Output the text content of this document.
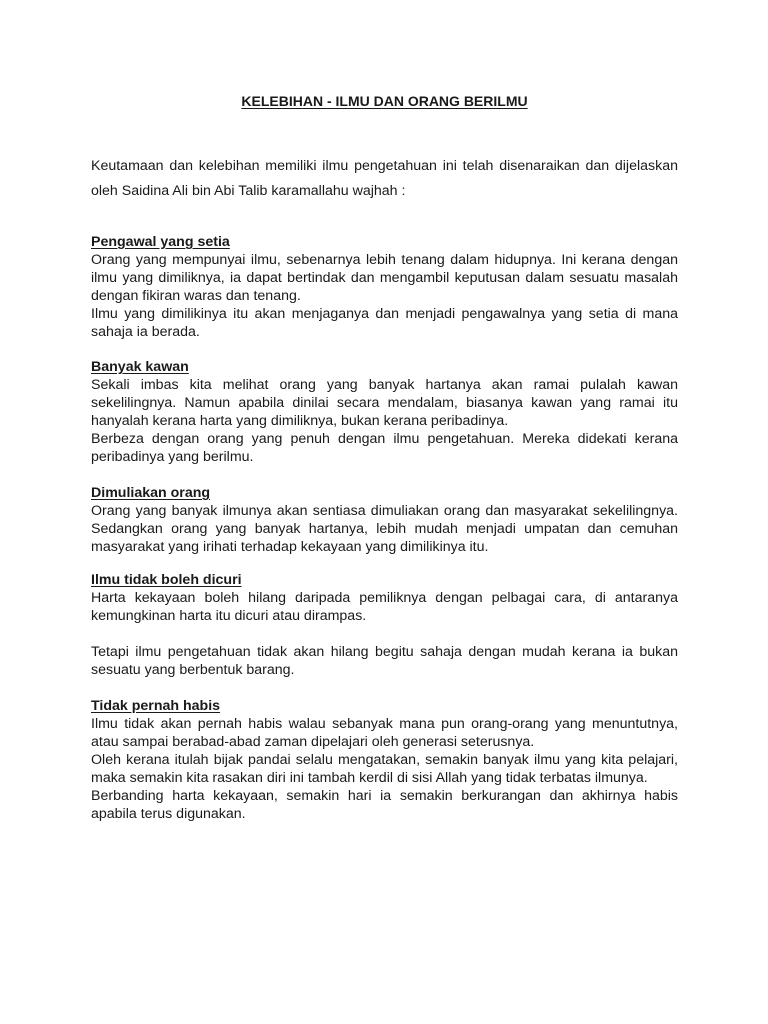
KELEBIHAN - ILMU DAN ORANG BERILMU
Keutamaan dan kelebihan memiliki ilmu pengetahuan ini telah disenaraikan dan dijelaskan oleh Saidina Ali bin Abi Talib karamallahu wajhah :
Pengawal yang setia
Orang yang mempunyai ilmu, sebenarnya lebih tenang dalam hidupnya. Ini kerana dengan ilmu yang dimiliknya, ia dapat bertindak dan mengambil keputusan dalam sesuatu masalah dengan fikiran waras dan tenang.
Ilmu yang dimilikinya itu akan menjaganya dan menjadi pengawalnya yang setia di mana sahaja ia berada.
Banyak kawan
Sekali imbas kita melihat orang yang banyak hartanya akan ramai pulalah kawan sekelilingnya. Namun apabila dinilai secara mendalam, biasanya kawan yang ramai itu hanyalah kerana harta yang dimiliknya, bukan kerana peribadinya.
Berbeza dengan orang yang penuh dengan ilmu pengetahuan. Mereka didekati kerana peribadinya yang berilmu.
Dimuliakan orang
Orang yang banyak ilmunya akan sentiasa dimuliakan orang dan masyarakat sekelilingnya. Sedangkan orang yang banyak hartanya, lebih mudah menjadi umpatan dan cemuhan masyarakat yang irihati terhadap kekayaan yang dimilikinya itu.
Ilmu tidak boleh dicuri
Harta kekayaan boleh hilang daripada pemiliknya dengan pelbagai cara, di antaranya kemungkinan harta itu dicuri atau dirampas.
Tetapi ilmu pengetahuan tidak akan hilang begitu sahaja dengan mudah kerana ia bukan sesuatu yang berbentuk barang.
Tidak pernah habis
Ilmu tidak akan pernah habis walau sebanyak mana pun orang-orang yang menuntutnya, atau sampai berabad-abad zaman dipelajari oleh generasi seterusnya.
Oleh kerana itulah bijak pandai selalu mengatakan, semakin banyak ilmu yang kita pelajari, maka semakin kita rasakan diri ini tambah kerdil di sisi Allah yang tidak terbatas ilmunya.
Berbanding harta kekayaan, semakin hari ia semakin berkurangan dan akhirnya habis apabila terus digunakan.
